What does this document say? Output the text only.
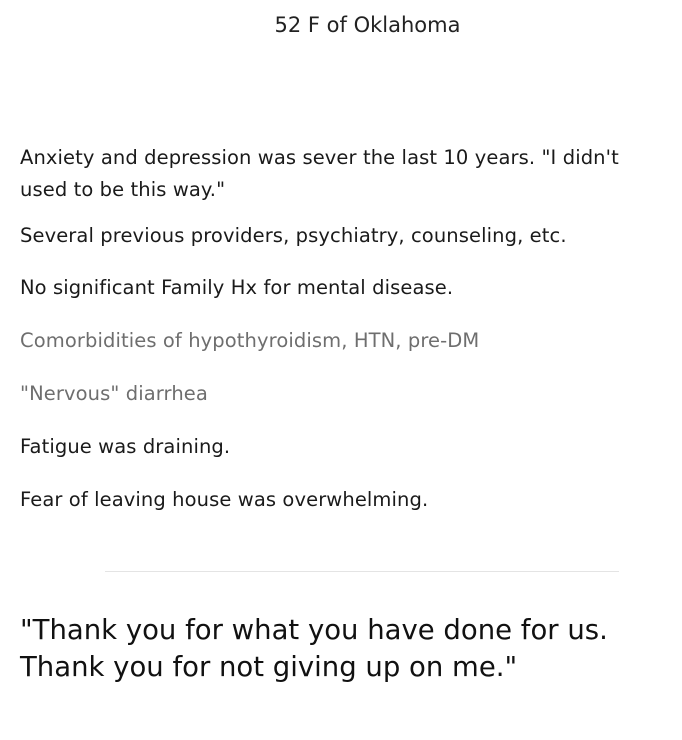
52 F of Oklahoma
Anxiety and depression was sever the last 10 years. "I didn't used to be this way."
Several previous providers, psychiatry, counseling, etc.
No significant Family Hx for mental disease.
Comorbidities of hypothyroidism, HTN, pre-DM
"Nervous" diarrhea
Fatigue was draining.
Fear of leaving house was overwhelming.
"Thank you for what you have done for us. Thank you for not giving up on me."
